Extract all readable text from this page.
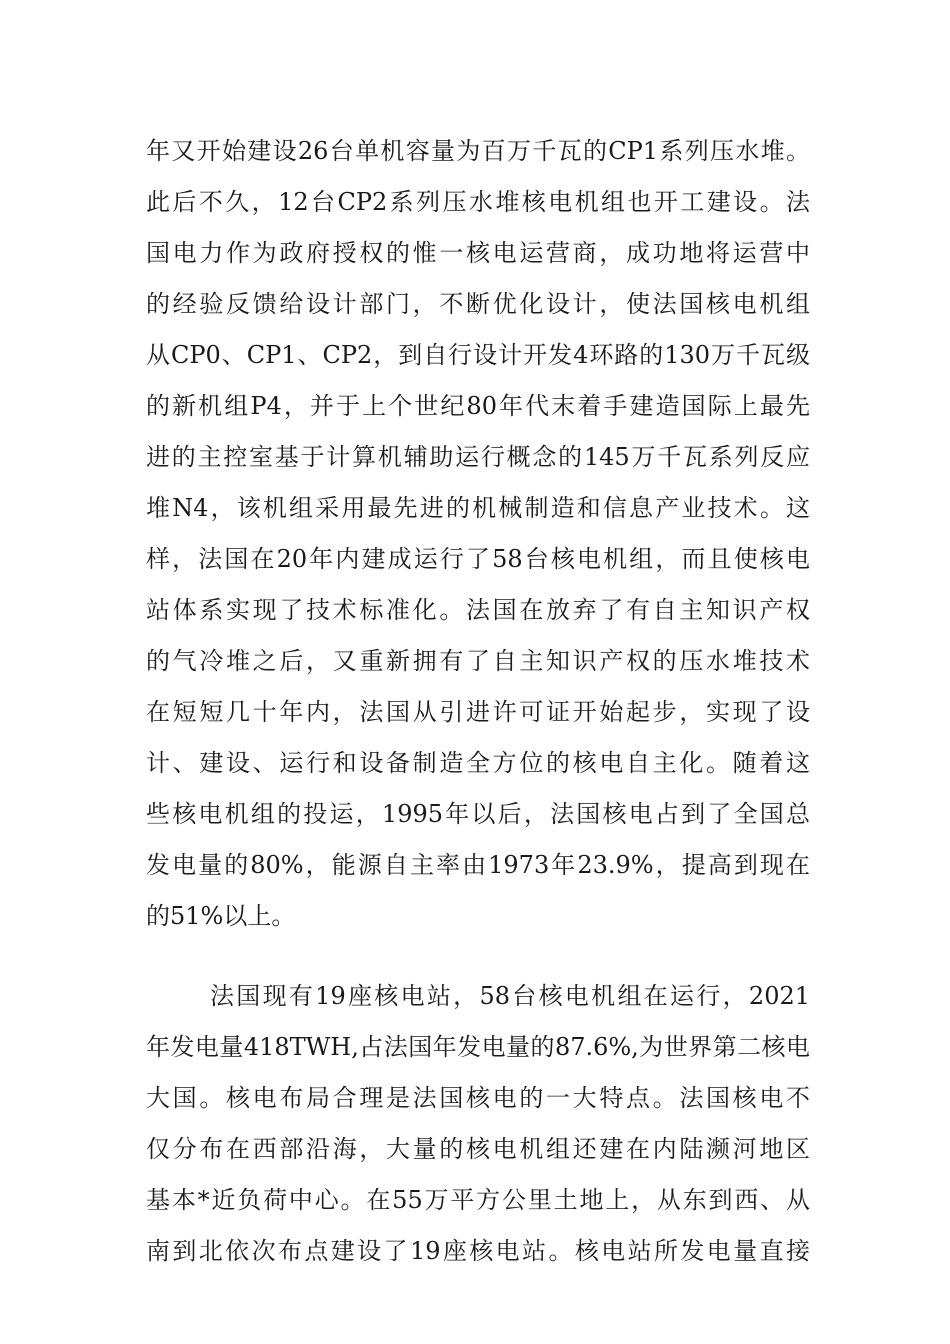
年又开始建设26台单机容量为百万千瓦的CP1系列压水堆。
此后不久，12台CP2系列压水堆核电机组也开工建设。法
国电力作为政府授权的惟一核电运营商，成功地将运营中
的经验反馈给设计部门，不断优化设计，使法国核电机组
从CP0、CP1、CP2，到自行设计开发4环路的130万千瓦级
的新机组P4，并于上个世纪80年代末着手建造国际上最先
进的主控室基于计算机辅助运行概念的145万千瓦系列反应
堆N4，该机组采用最先进的机械制造和信息产业技术。这
样，法国在20年内建成运行了58台核电机组，而且使核电
站体系实现了技术标准化。法国在放弃了有自主知识产权
的气冷堆之后，又重新拥有了自主知识产权的压水堆技术
在短短几十年内，法国从引进许可证开始起步，实现了设
计、建设、运行和设备制造全方位的核电自主化。随着这
些核电机组的投运，1995年以后，法国核电占到了全国总
发电量的80%，能源自主率由1973年23.9%，提高到现在
的51%以上。
法国现有19座核电站，58台核电机组在运行，2021
年发电量418TWH,占法国年发电量的87.6%,为世界第二核电
大国。核电布局合理是法国核电的一大特点。法国核电不
仅分布在西部沿海，大量的核电机组还建在内陆濒河地区
基本*近负荷中心。在55万平方公里土地上，从东到西、从
南到北依次布点建设了19座核电站。核电站所发电量直接
